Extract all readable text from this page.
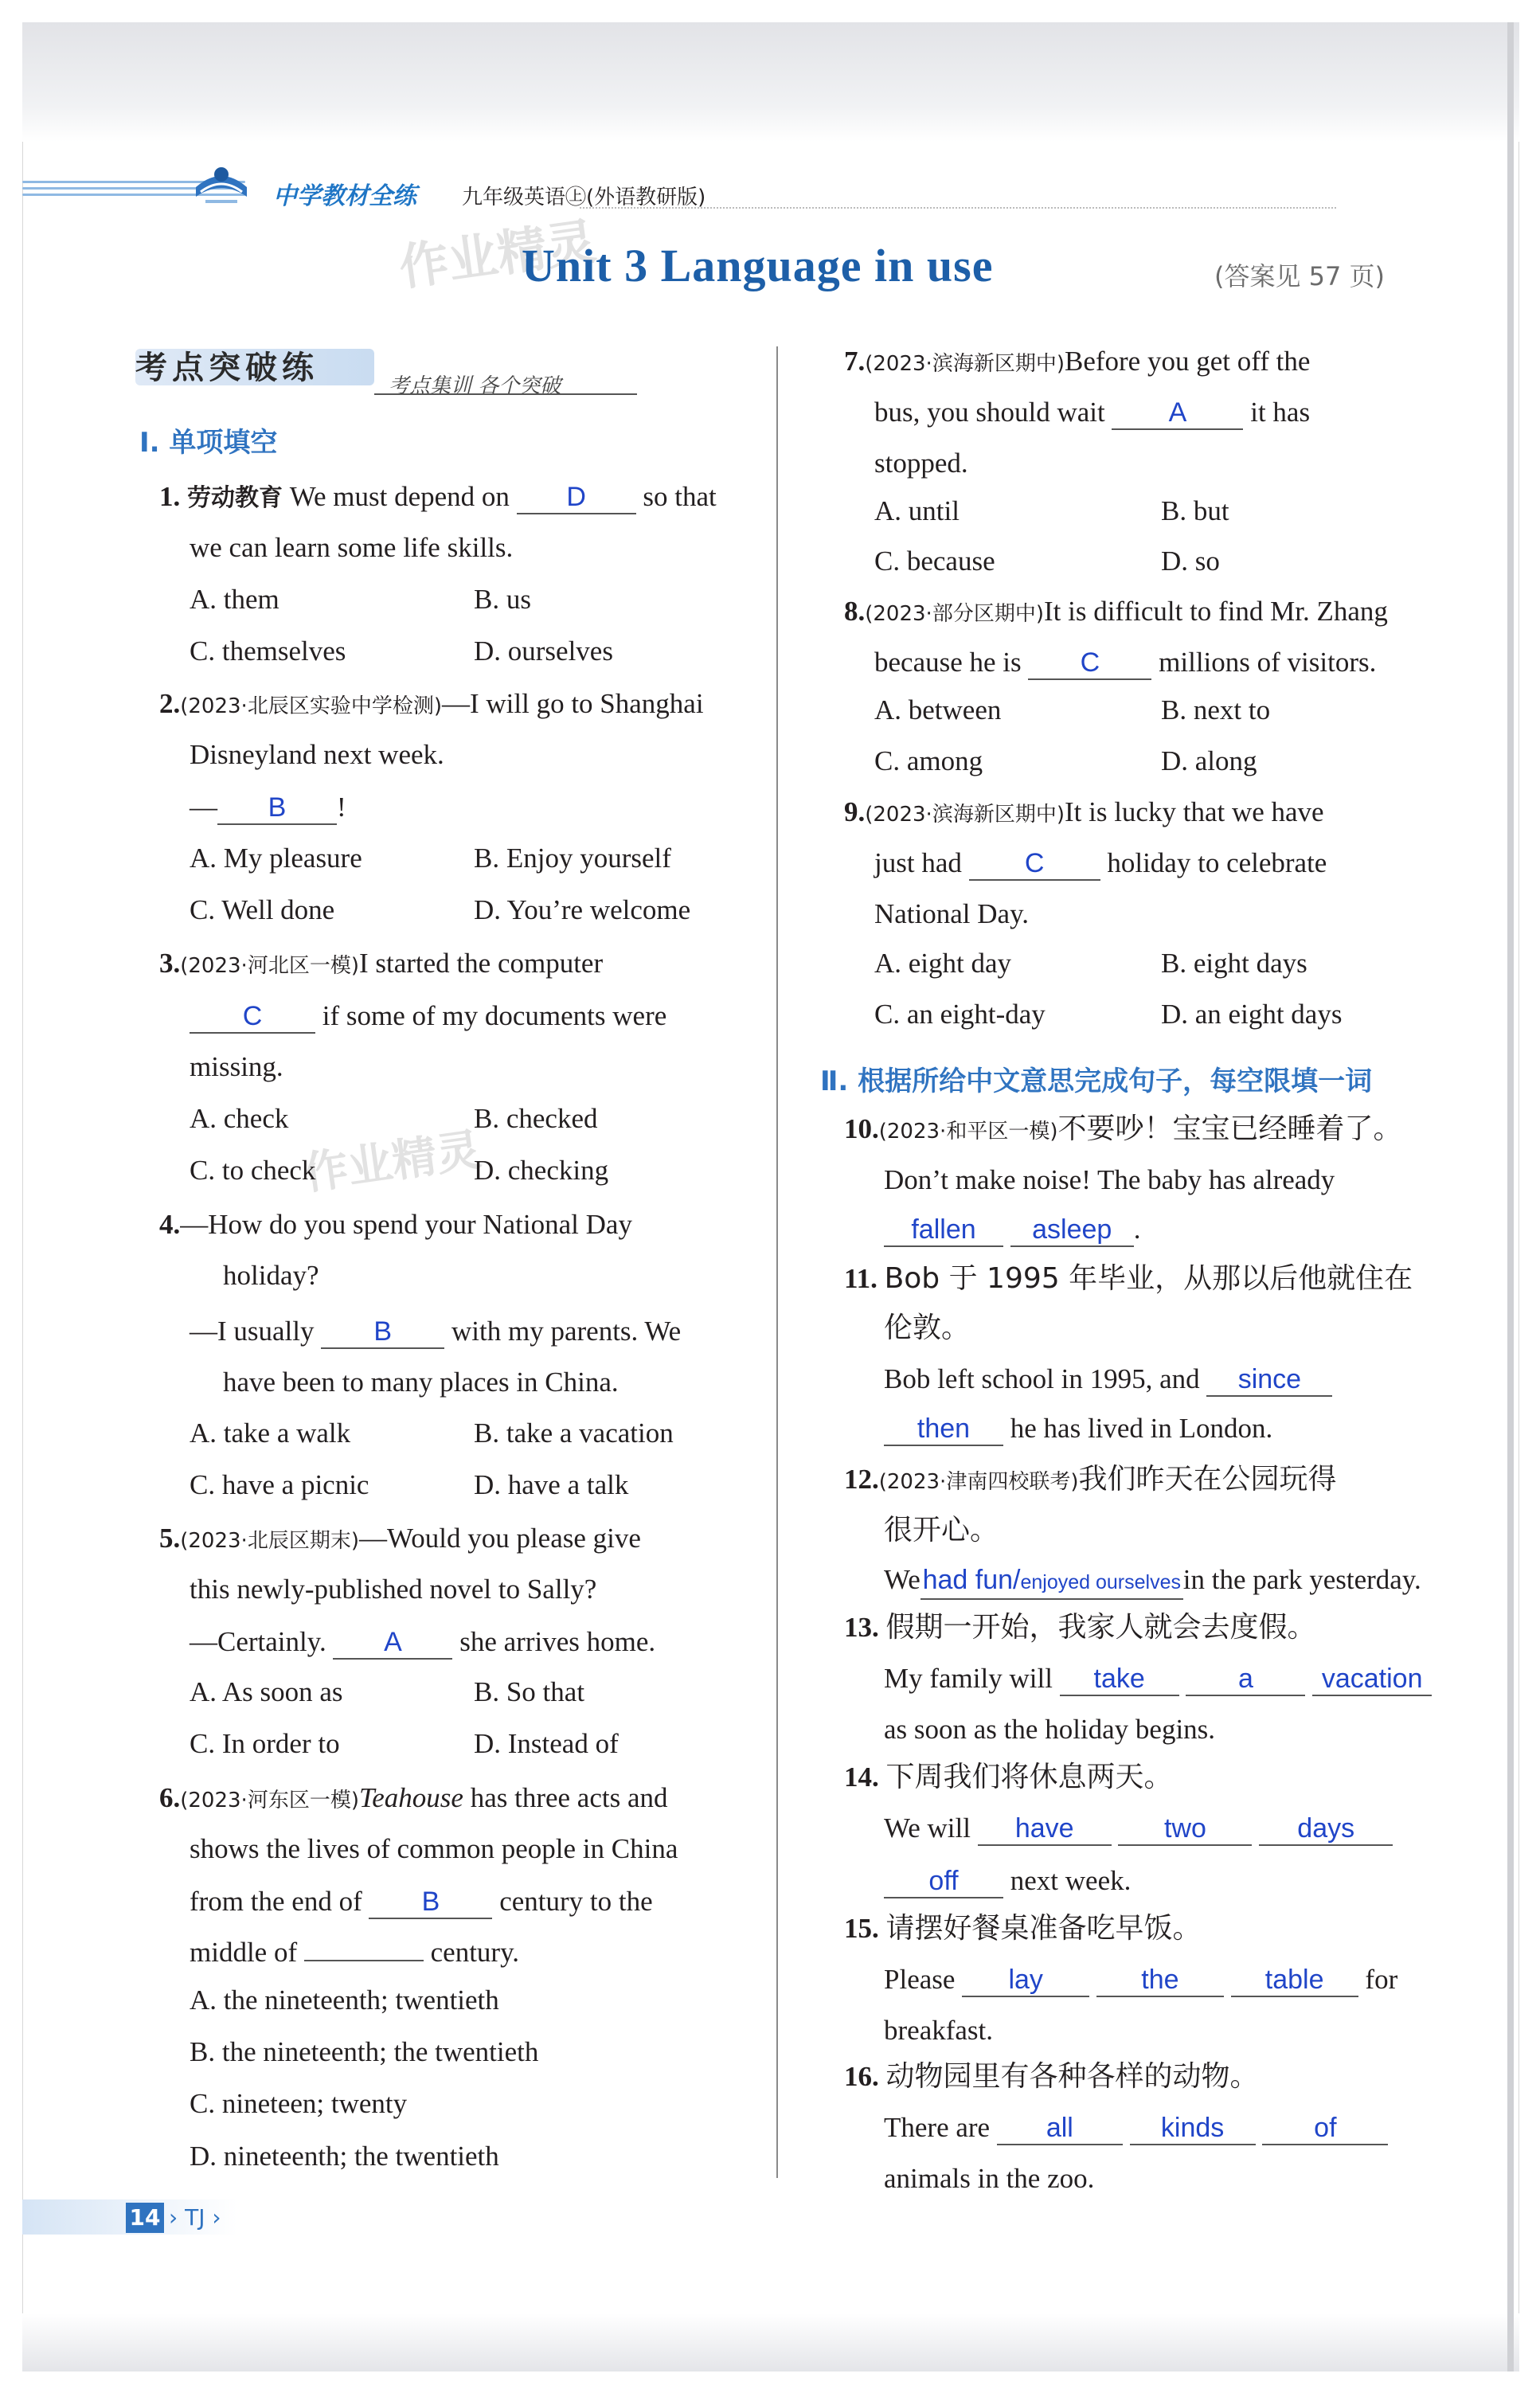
中学教材全练 九年级英语㊤(外语教研版)
作业精灵
作业精灵
Unit 3 Language in use	(答案见 57 页)
考点突破练	考点集训 各个突破
Ⅰ. 单项填空
1. 劳动教育 We must depend on D so that
we can learn some life skills.
A. them	B. us
C. themselves	D. ourselves
2.(2023·北辰区实验中学检测)—I will go to Shanghai
Disneyland next week.
— B !
A. My pleasure	B. Enjoy yourself
C. Well done	D. You’re welcome
3.(2023·河北区一模)I started the computer
C if some of my documents were
missing.
A. check	B. checked
C. to check	D. checking
4.—How do you spend your National Day
holiday?
—I usually B with my parents. We
have been to many places in China.
A. take a walk	B. take a vacation
C. have a picnic	D. have a talk
5.(2023·北辰区期末)—Would you please give
this newly-published novel to Sally?
—Certainly. A she arrives home.
A. As soon as	B. So that
C. In order to	D. Instead of
6.(2023·河东区一模)Teahouse has three acts and
shows the lives of common people in China
from the end of B century to the
middle of	century.
A. the nineteenth; twentieth
B. the nineteenth; the twentieth
C. nineteen; twenty
D. nineteenth; the twentieth
7.(2023·滨海新区期中)Before you get off the
bus, you should wait A it has
stopped.
A. until	B. but
C. because	D. so
8.(2023·部分区期中)It is difficult to find Mr. Zhang
because he is C millions of visitors.
A. between	B. next to
C. among	D. along
9.(2023·滨海新区期中)It is lucky that we have
just had C holiday to celebrate
National Day.
A. eight day	B. eight days
C. an eight-day	D. an eight days
Ⅱ. 根据所给中文意思完成句子，每空限填一词
10.(2023·和平区一模)不要吵！宝宝已经睡着了。
Don’t make noise! The baby has already
fallen asleep .
11. Bob 于 1995 年毕业，从那以后他就住在
伦敦。
Bob left school in 1995, and since
then he has lived in London.
12.(2023·津南四校联考)我们昨天在公园玩得
很开心。
Wehad fun/enjoyed ourselvesin the park yesterday.
13. 假期一开始，我家人就会去度假。
My family will take	a	vacation
as soon as the holiday begins.
14. 下周我们将休息两天。
We will have	two	days
off next week.
15. 请摆好餐桌准备吃早饭。
Please lay	the	table for
breakfast.
16. 动物园里有各种各样的动物。
There are all	kinds	of
animals in the zoo.
14 › TJ ›
